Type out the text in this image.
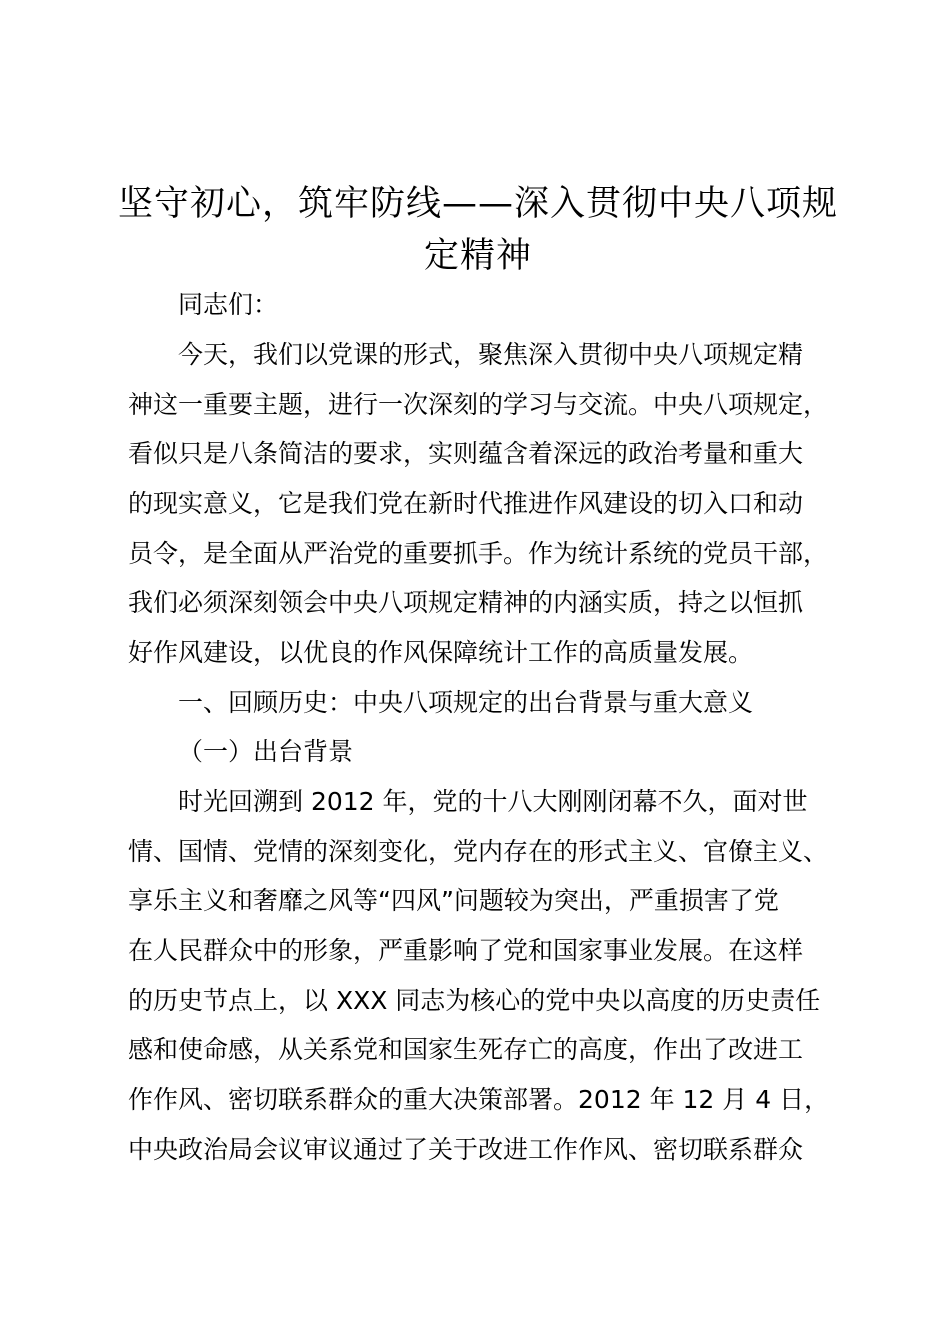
坚守初心，筑牢防线——深入贯彻中央八项规
定精神

同志们：

今天，我们以党课的形式，聚焦深入贯彻中央八项规定精

神这一重要主题，进行一次深刻的学习与交流。中央八项规定，

看似只是八条简洁的要求，实则蕴含着深远的政治考量和重大

的现实意义，它是我们党在新时代推进作风建设的切入口和动

员令，是全面从严治党的重要抓手。作为统计系统的党员干部，

我们必须深刻领会中央八项规定精神的内涵实质，持之以恒抓

好作风建设，以优良的作风保障统计工作的高质量发展。

一、回顾历史：中央八项规定的出台背景与重大意义

（一）出台背景

时光回溯到 2012 年，党的十八大刚刚闭幕不久，面对世

情、国情、党情的深刻变化，党内存在的形式主义、官僚主义、

享乐主义和奢靡之风等“四风”问题较为突出，严重损害了党

在人民群众中的形象，严重影响了党和国家事业发展。在这样

的历史节点上，以 XXX 同志为核心的党中央以高度的历史责任

感和使命感，从关系党和国家生死存亡的高度，作出了改进工

作作风、密切联系群众的重大决策部署。2012 年 12 月 4 日，

中央政治局会议审议通过了关于改进工作作风、密切联系群众
